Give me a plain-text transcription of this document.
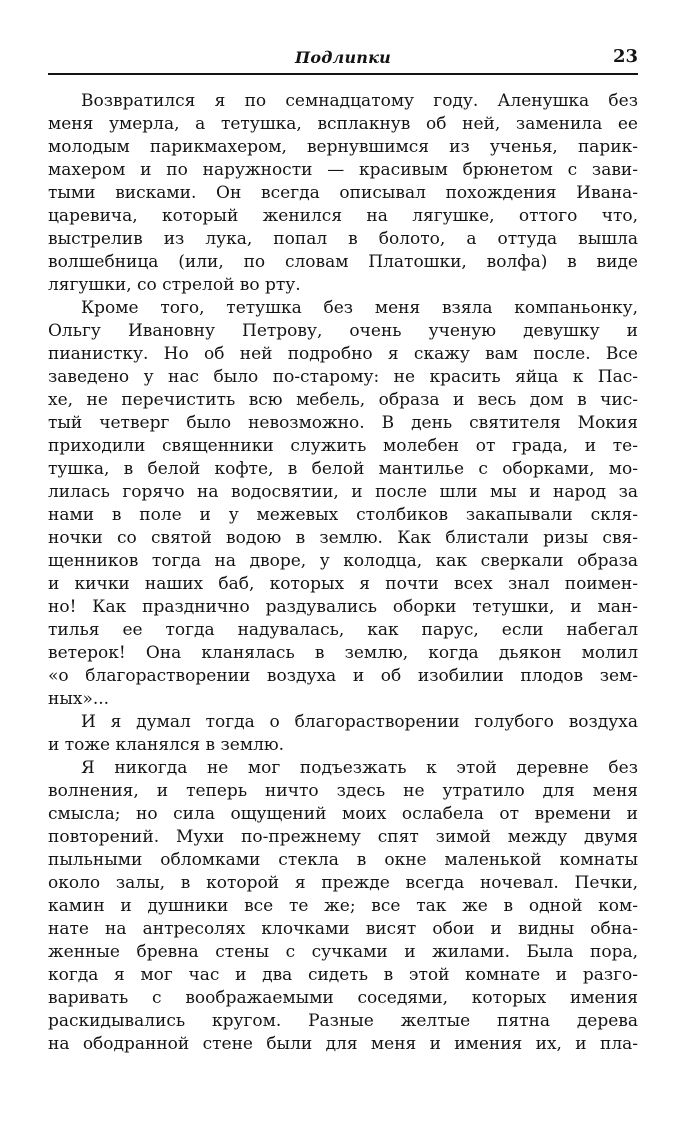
Подлипки	23
Возвратился я по семнадцатому году. Аленушка без
меня умерла, а тетушка, всплакнув об ней, заменила ее
молодым парикмахером, вернувшимся из ученья, парик-
махером и по наружности — красивым брюнетом с зави-
тыми висками. Он всегда описывал похождения Ивана-
царевича, который женился на лягушке, оттого что,
выстрелив из лука, попал в болото, а оттуда вышла
волшебница (или, по словам Платошки, волфа) в виде
лягушки, со стрелой во рту.
Кроме того, тетушка без меня взяла компаньонку,
Ольгу Ивановну Петрову, очень ученую девушку и
пианистку. Но об ней подробно я скажу вам после. Все
заведено у нас было по-старому: не красить яйца к Пас-
хе, не перечистить всю мебель, образа и весь дом в чис-
тый четверг было невозможно. В день святителя Мокия
приходили священники служить молебен от града, и те-
тушка, в белой кофте, в белой мантилье с оборками, мо-
лилась горячо на водосвятии, и после шли мы и народ за
нами в поле и у межевых столбиков закапывали скля-
ночки со святой водою в землю. Как блистали ризы свя-
щенников тогда на дворе, у колодца, как сверкали образа
и кички наших баб, которых я почти всех знал поимен-
но! Как празднично раздувались оборки тетушки, и ман-
тилья ее тогда надувалась, как парус, если набегал
ветерок! Она кланялась в землю, когда дьякон молил
«о благорастворении воздуха и об изобилии плодов зем-
ных»...
И я думал тогда о благорастворении голубого воздуха
и тоже кланялся в землю.
Я никогда не мог подъезжать к этой деревне без
волнения, и теперь ничто здесь не утратило для меня
смысла; но сила ощущений моих ослабела от времени и
повторений. Мухи по-прежнему спят зимой между двумя
пыльными обломками стекла в окне маленькой комнаты
около залы, в которой я прежде всегда ночевал. Печки,
камин и душники все те же; все так же в одной ком-
нате на антресолях клочками висят обои и видны обна-
женные бревна стены с сучками и жилами. Была пора,
когда я мог час и два сидеть в этой комнате и разго-
варивать с воображаемыми соседями, которых имения
раскидывались кругом. Разные желтые пятна дерева
на ободранной стене были для меня и имения их, и пла-
